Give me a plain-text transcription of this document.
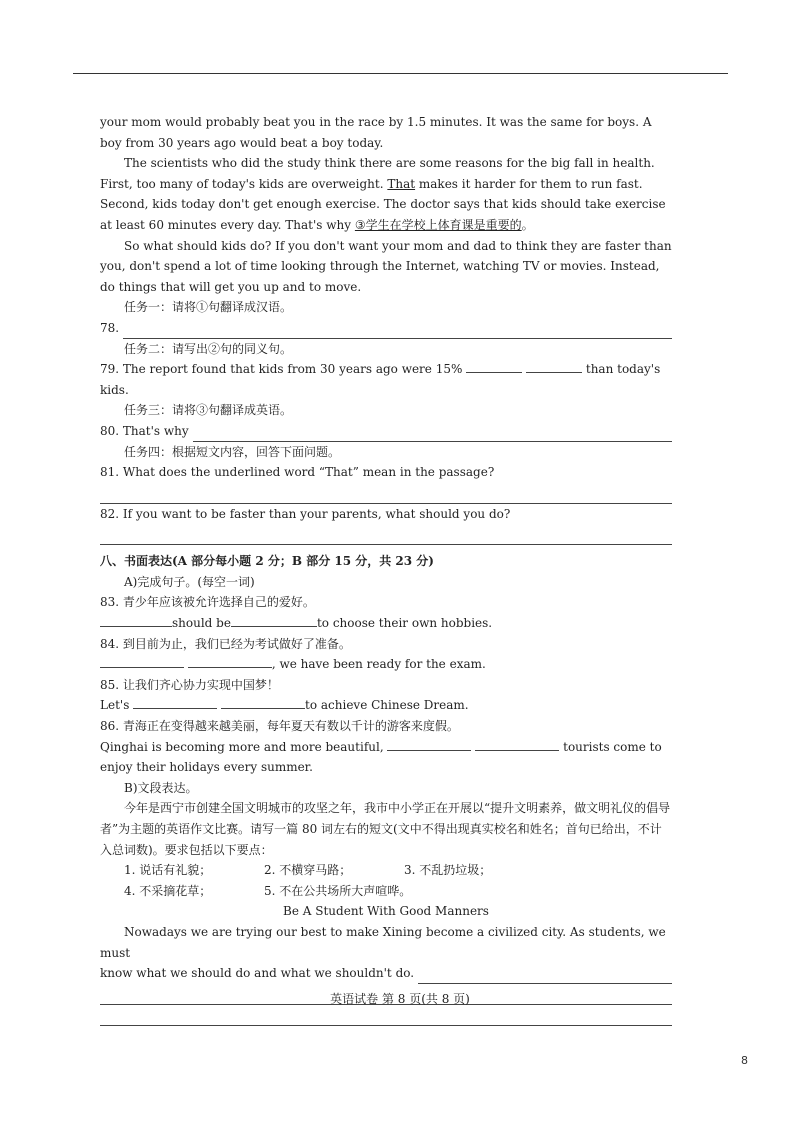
your mom would probably beat you in the race by 1.5 minutes. It was the same for boys. A boy from 30 years ago would beat a boy today.

The scientists who did the study think there are some reasons for the big fall in health. First, too many of today's kids are overweight. That makes it harder for them to run fast. Second, kids today don't get enough exercise. The doctor says that kids should take exercise at least 60 minutes every day. That's why ③学生在学校上体育课是重要的。

So what should kids do? If you don't want your mom and dad to think they are faster than you, don't spend a lot of time looking through the Internet, watching TV or movies. Instead, do things that will get you up and to move.

任务一：请将①句翻译成汉语。

78.

任务二：请写出②句的同义句。

79. The report found that kids from 30 years ago were 15%	than today's kids.

任务三：请将③句翻译成英语。

80. That's why

任务四：根据短文内容，回答下面问题。

81. What does the underlined word “That” mean in the passage?

82. If you want to be faster than your parents, what should you do?

八、书面表达(A 部分每小题 2 分；B 部分 15 分，共 23 分)

A)完成句子。(每空一词)

83. 青少年应该被允许选择自己的爱好。

should be	to choose their own hobbies.

84. 到目前为止，我们已经为考试做好了准备。

, we have been ready for the exam.

85. 让我们齐心协力实现中国梦！

Let's	to achieve Chinese Dream.

86. 青海正在变得越来越美丽，每年夏天有数以千计的游客来度假。

Qinghai is becoming more and more beautiful,	tourists come to

enjoy their holidays every summer.

B)文段表达。

今年是西宁市创建全国文明城市的攻坚之年，我市中小学正在开展以“提升文明素养，做文明礼仪的倡导者”为主题的英语作文比赛。请写一篇 80 词左右的短文(文中不得出现真实校名和姓名；首句已给出，不计入总词数)。要求包括以下要点：

1. 说话有礼貌；	2. 不横穿马路；	3. 不乱扔垃圾；

4. 不采摘花草；	5. 不在公共场所大声喧哗。

Be A Student With Good Manners

Nowadays we are trying our best to make Xining become a civilized city. As students, we must

know what we should do and what we shouldn't do.
英语试卷 第 8 页(共 8 页)
8
